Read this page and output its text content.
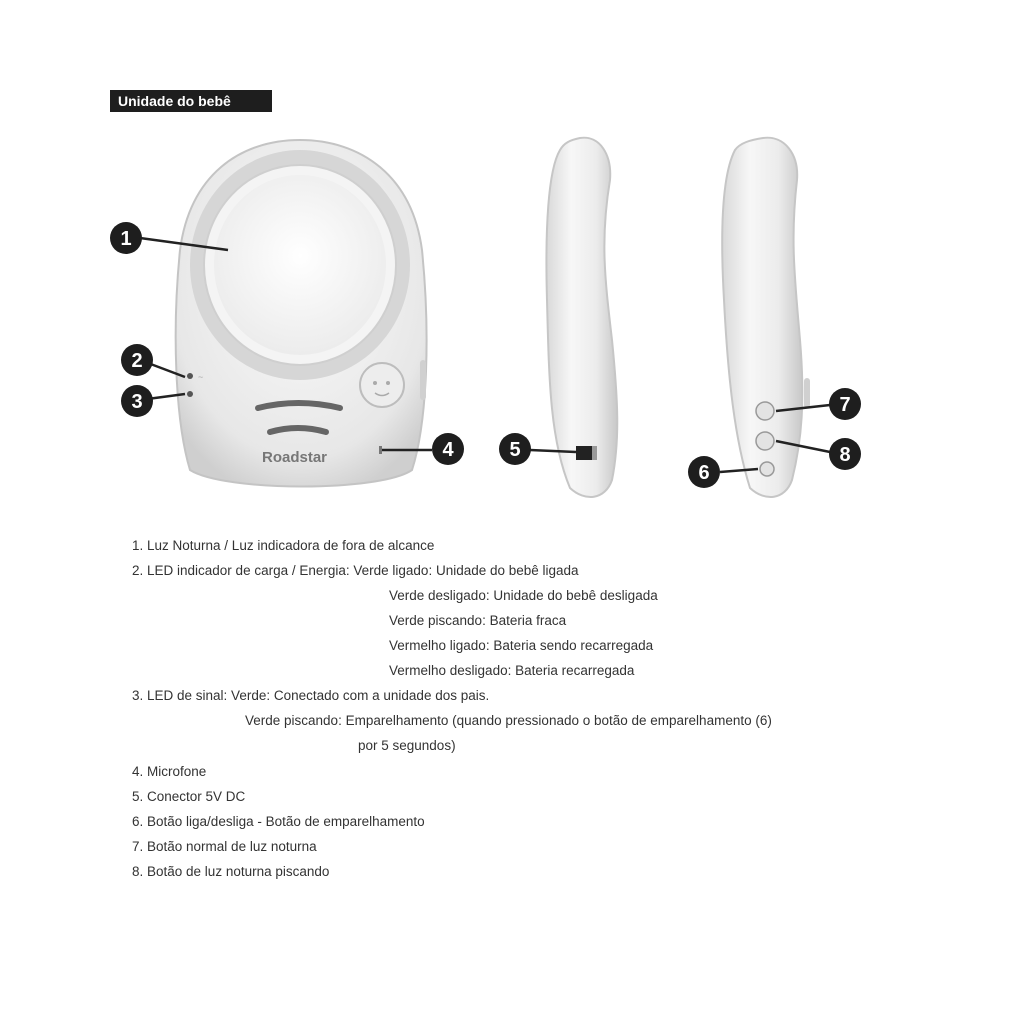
Unidade do bebê
~
Roadstar
1
2
3
4	5
6
7
8
1. Luz Noturna / Luz indicadora de fora de alcance
2. LED indicador de carga / Energia: Verde ligado: Unidade do bebê ligada
Verde desligado: Unidade do bebê desligada
Verde piscando: Bateria fraca
Vermelho ligado: Bateria sendo recarregada
Vermelho desligado: Bateria recarregada
3. LED de sinal: Verde: Conectado com a unidade dos pais.
Verde piscando: Emparelhamento (quando pressionado o botão de emparelhamento (6)
por 5 segundos)
4. Microfone
5. Conector 5V DC
6. Botão liga/desliga - Botão de emparelhamento
7. Botão normal de luz noturna
8. Botão de luz noturna piscando
